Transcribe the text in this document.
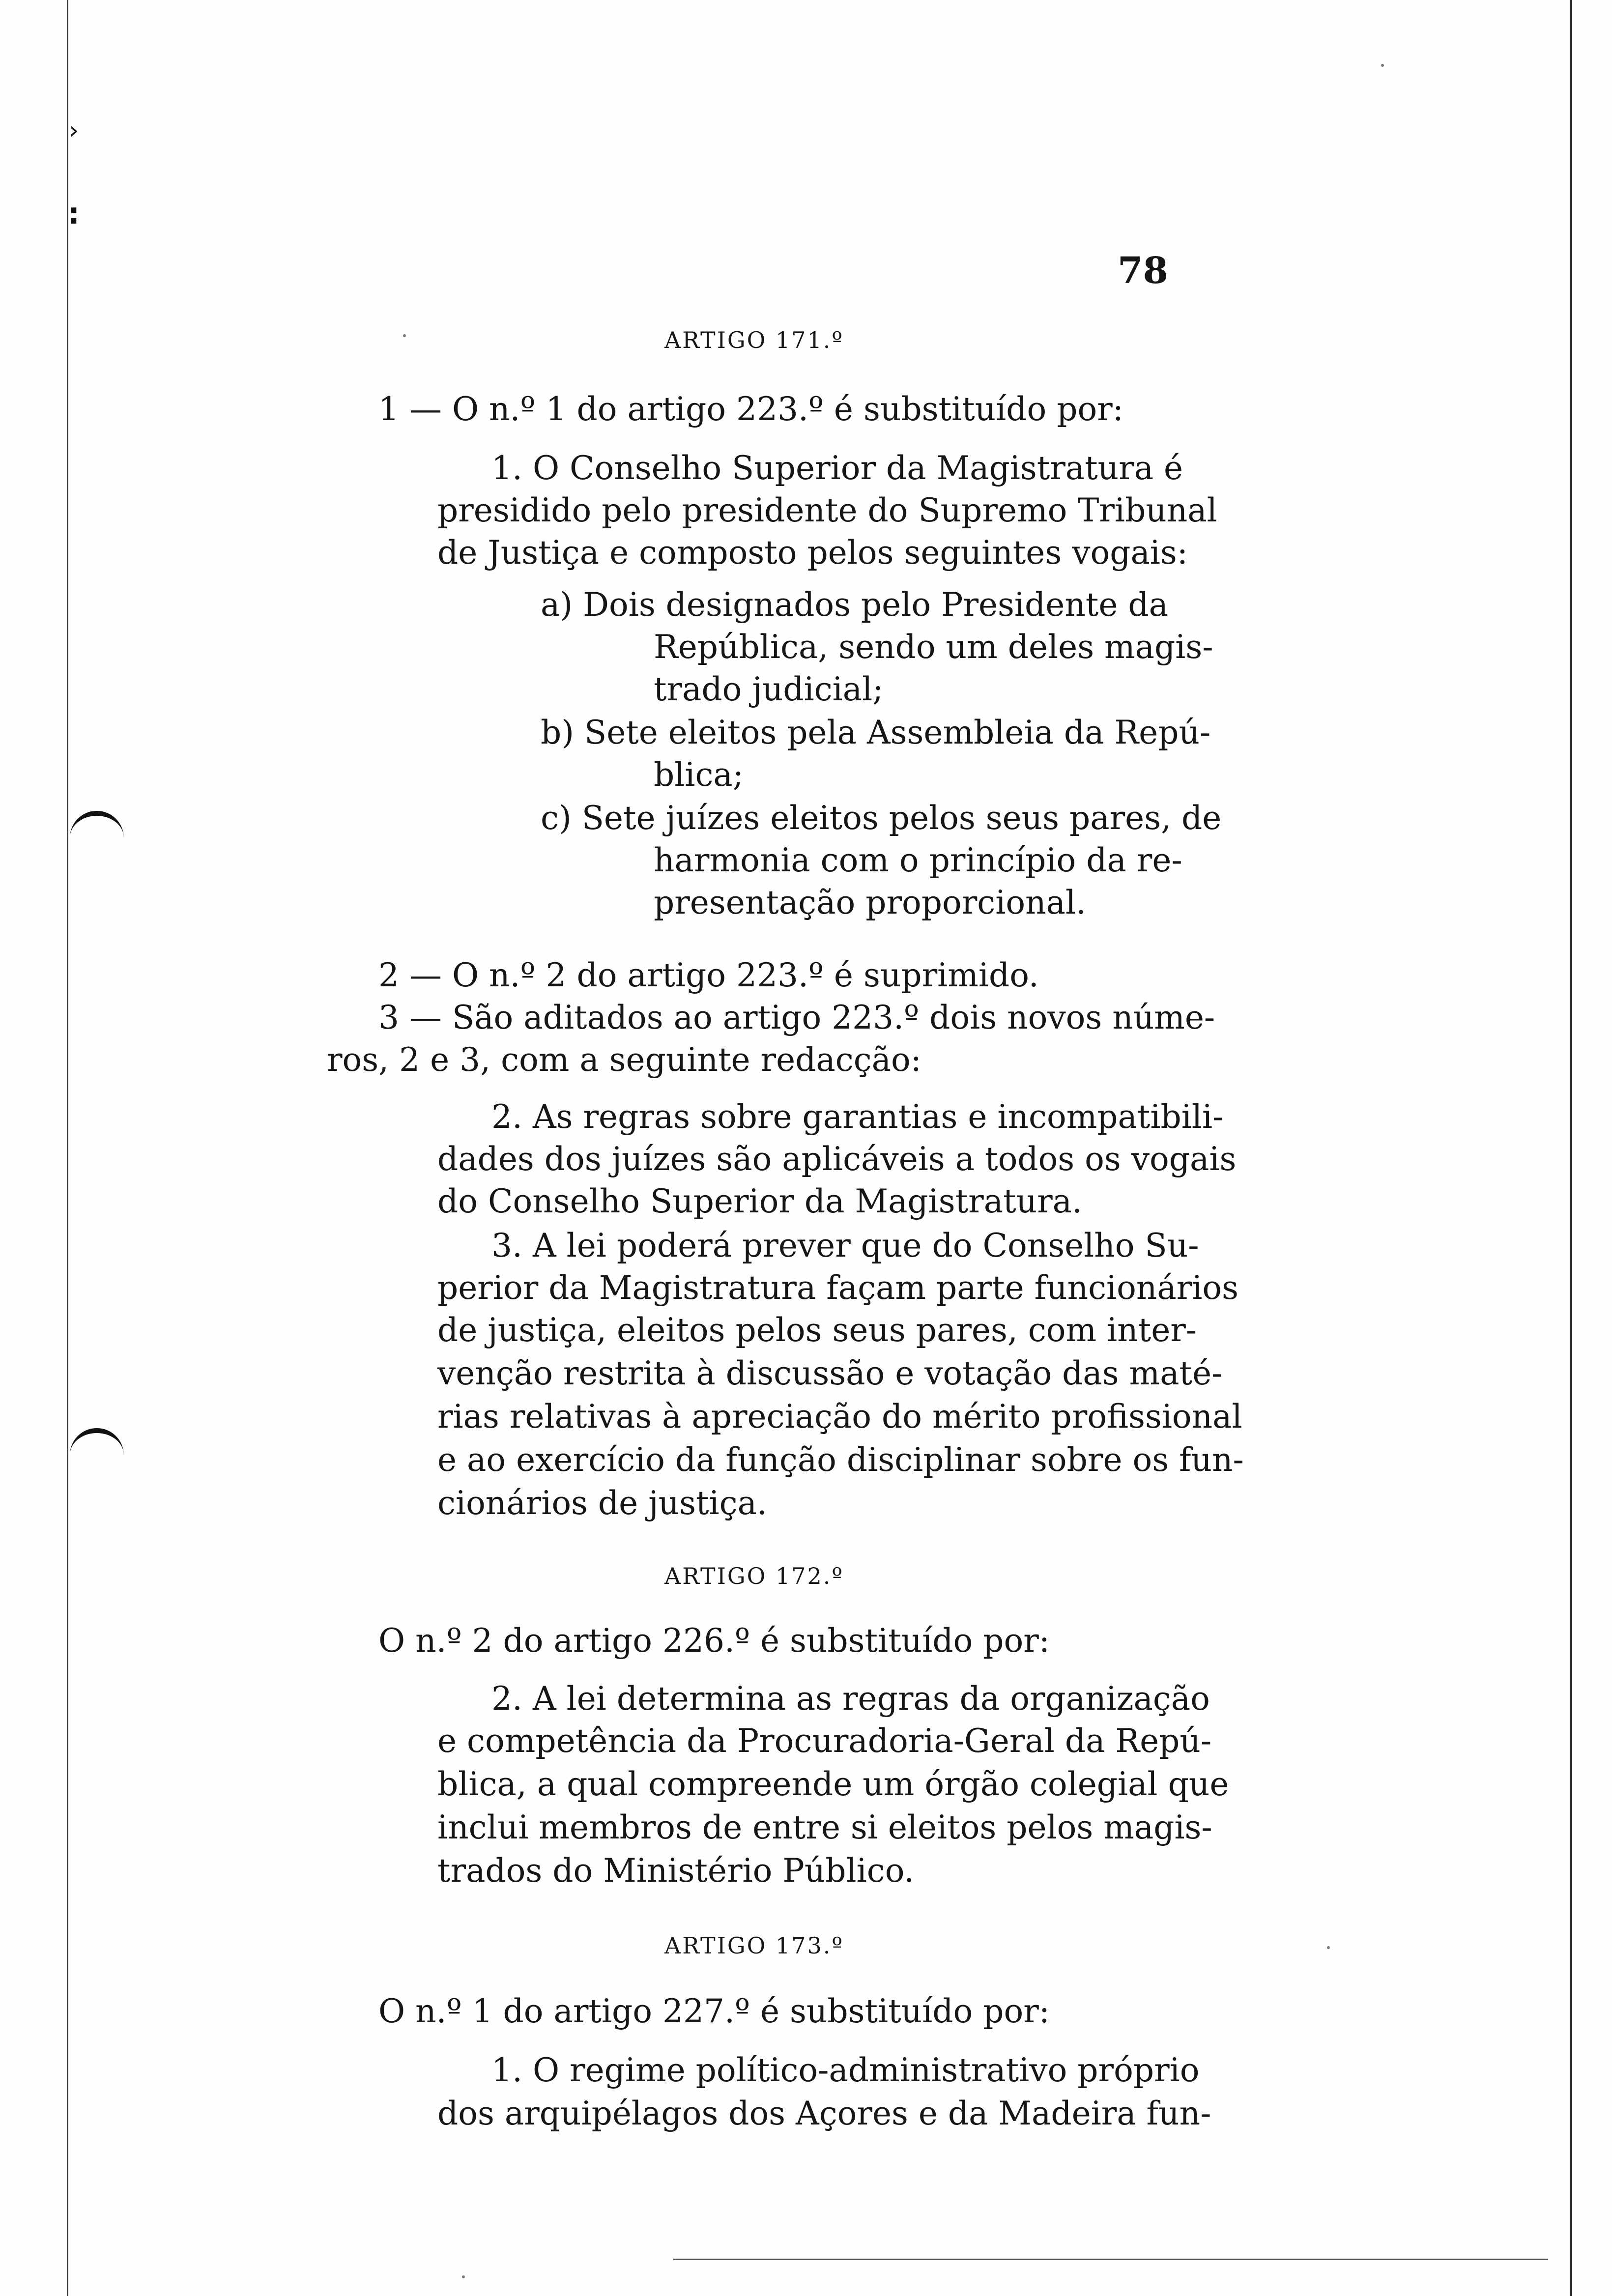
›
:
78
ARTIGO 171.º
1 — O n.º 1 do artigo 223.º é substituído por:
1. O Conselho Superior da Magistratura é
presidido pelo presidente do Supremo Tribunal
de Justiça e composto pelos seguintes vogais:
a) Dois designados pelo Presidente da
República, sendo um deles magis-
trado judicial;
b) Sete eleitos pela Assembleia da Repú-
blica;
c) Sete juízes eleitos pelos seus pares, de
harmonia com o princípio da re-
presentação proporcional.
2 — O n.º 2 do artigo 223.º é suprimido.
3 — São aditados ao artigo 223.º dois novos núme-
ros, 2 e 3, com a seguinte redacção:
2. As regras sobre garantias e incompatibili-
dades dos juízes são aplicáveis a todos os vogais
do Conselho Superior da Magistratura.
3. A lei poderá prever que do Conselho Su-
perior da Magistratura façam parte funcionários
de justiça, eleitos pelos seus pares, com inter-
venção restrita à discussão e votação das maté-
rias relativas à apreciação do mérito profissional
e ao exercício da função disciplinar sobre os fun-
cionários de justiça.
ARTIGO 172.º
O n.º 2 do artigo 226.º é substituído por:
2. A lei determina as regras da organização
e competência da Procuradoria-Geral da Repú-
blica, a qual compreende um órgão colegial que
inclui membros de entre si eleitos pelos magis-
trados do Ministério Público.
ARTIGO 173.º
O n.º 1 do artigo 227.º é substituído por:
1. O regime político-administrativo próprio
dos arquipélagos dos Açores e da Madeira fun-
